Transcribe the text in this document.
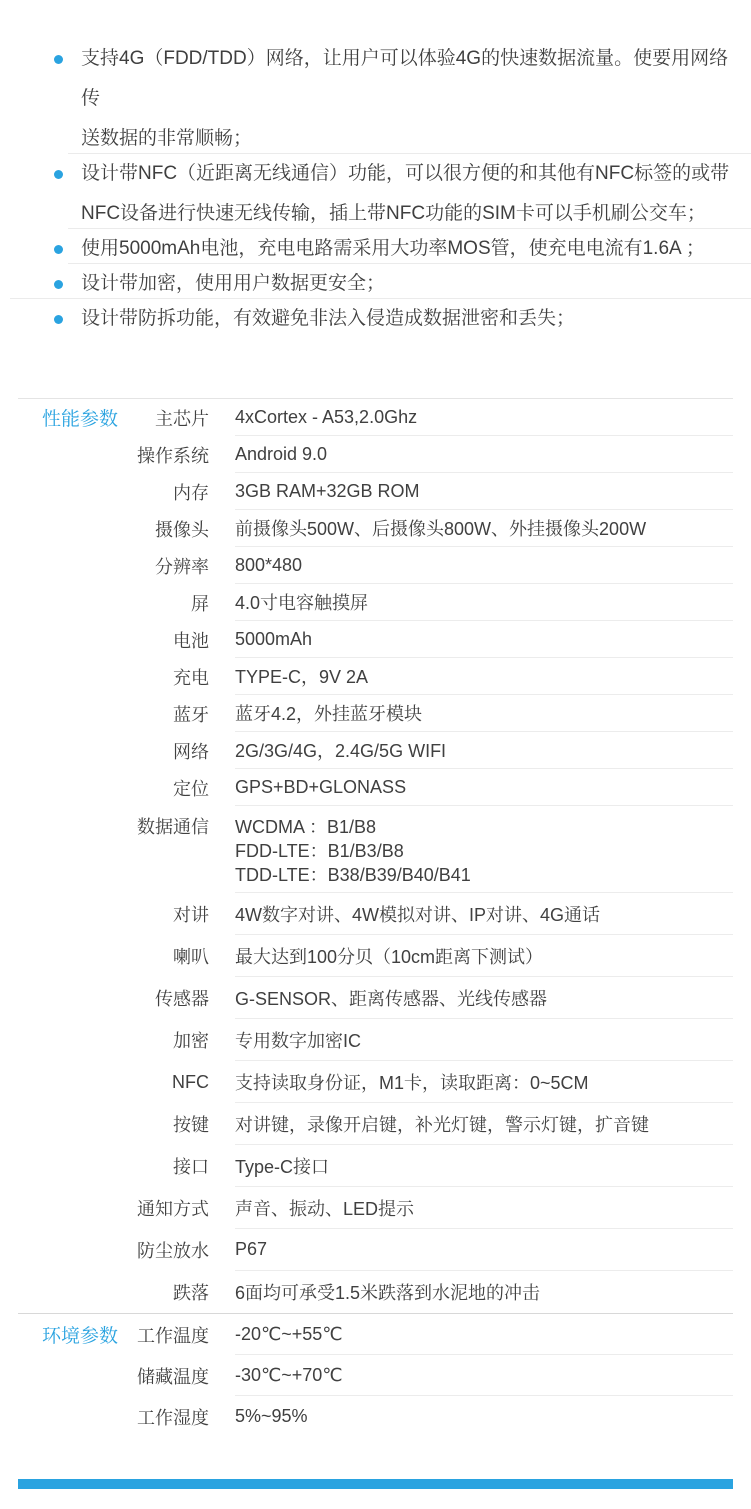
支持4G（FDD/TDD）网络，让用户可以体验4G的快速数据流量。使要用网络传
送数据的非常顺畅；
设计带NFC（近距离无线通信）功能，可以很方便的和其他有NFC标签的或带
NFC设备进行快速无线传输，插上带NFC功能的SIM卡可以手机刷公交车；
使用5000mAh电池，充电电路需采用大功率MOS管，使充电电流有1.6A ；
设计带加密，使用用户数据更安全；
设计带防拆功能，有效避免非法入侵造成数据泄密和丢失；
性能参数	主芯片 4xCortex - A53,2.0Ghz
操作系统 Android 9.0
内存 3GB RAM+32GB ROM
摄像头 前摄像头500W、后摄像头800W、外挂摄像头200W
分辨率 800*480
屏 4.0寸电容触摸屏
电池 5000mAh
充电 TYPE-C，9V 2A
蓝牙 蓝牙4.2，外挂蓝牙模块
网络 2G/3G/4G，2.4G/5G WIFI
定位 GPS+BD+GLONASS
数据通信 WCDMA ：B1/B8
FDD-LTE：B1/B3/B8
TDD-LTE：B38/B39/B40/B41
对讲 4W数字对讲、4W模拟对讲、IP对讲、4G通话
喇叭 最大达到100分贝（10cm距离下测试）
传感器 G-SENSOR、距离传感器、光线传感器
加密 专用数字加密IC
NFC 支持读取身份证，M1卡，读取距离：0~5CM
按键 对讲键，录像开启键，补光灯键，警示灯键，扩音键
接口 Type-C接口
通知方式 声音、振动、LED提示
防尘放水 P67
跌落 6面均可承受1.5米跌落到水泥地的冲击
环境参数	工作温度 -20℃~+55℃
储藏温度 -30℃~+70℃
工作湿度 5%~95%
